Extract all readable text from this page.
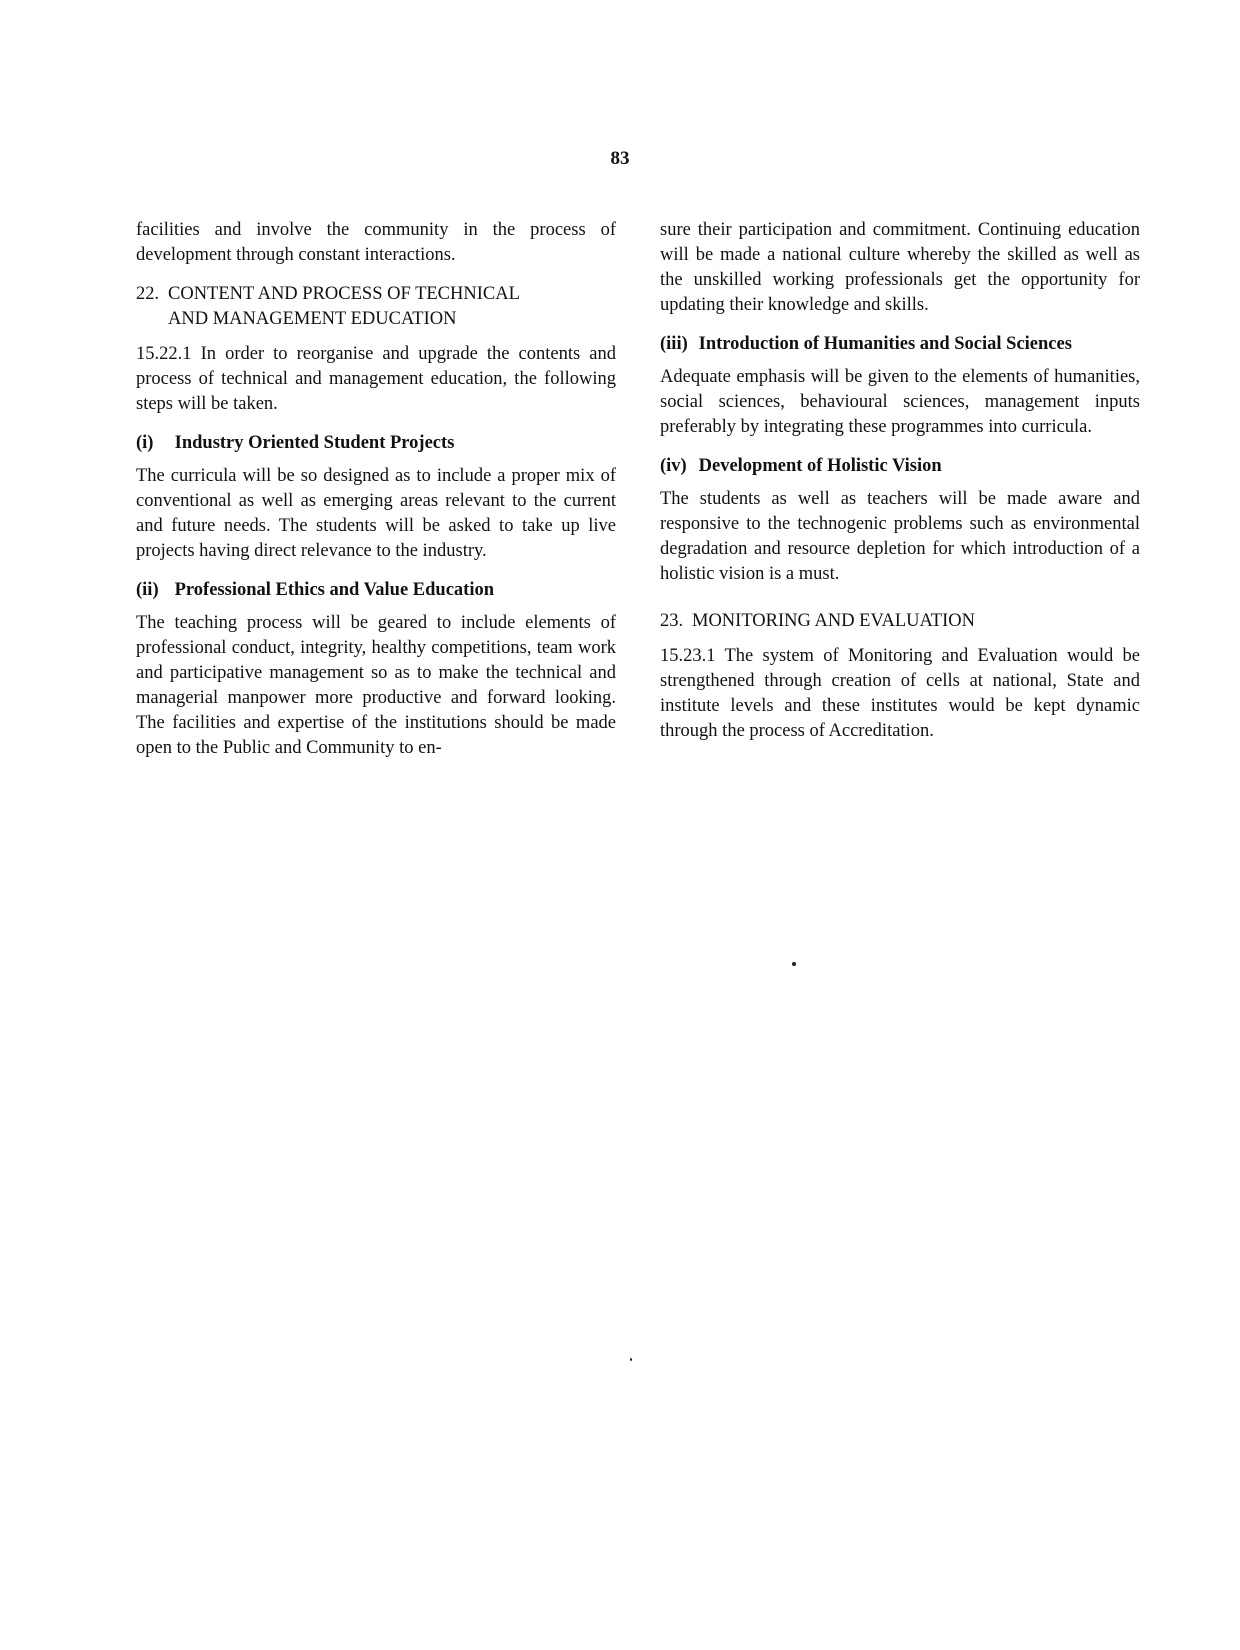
83

facilities and involve the community in the process of development through constant interactions.

22. CONTENT AND PROCESS OF TECHNICAL
AND MANAGEMENT EDUCATION

15.22.1 In order to reorganise and upgrade the contents and process of technical and management education, the following steps will be taken.

(i) Industry Oriented Student Projects

The curricula will be so designed as to include a proper mix of conventional as well as emerging areas relevant to the current and future needs. The students will be asked to take up live projects having direct relevance to the industry.

(ii) Professional Ethics and Value Education

The teaching process will be geared to include elements of professional conduct, integrity, healthy competitions, team work and participative management so as to make the technical and managerial manpower more productive and forward looking. The facilities and expertise of the institutions should be made open to the Public and Community to en-

sure their participation and commitment. Continuing education will be made a national culture whereby the skilled as well as the unskilled working professionals get the opportunity for updating their knowledge and skills.

(iii) Introduction of Humanities and Social Sciences

Adequate emphasis will be given to the elements of humanities, social sciences, behavioural sciences, management inputs preferably by integrating these programmes into curricula.

(iv) Development of Holistic Vision

The students as well as teachers will be made aware and responsive to the technogenic problems such as environmental degradation and resource depletion for which introduction of a holistic vision is a must.

23. MONITORING AND EVALUATION

15.23.1 The system of Monitoring and Evaluation would be strengthened through creation of cells at national, State and institute levels and these institutes would be kept dynamic through the process of Accreditation.
